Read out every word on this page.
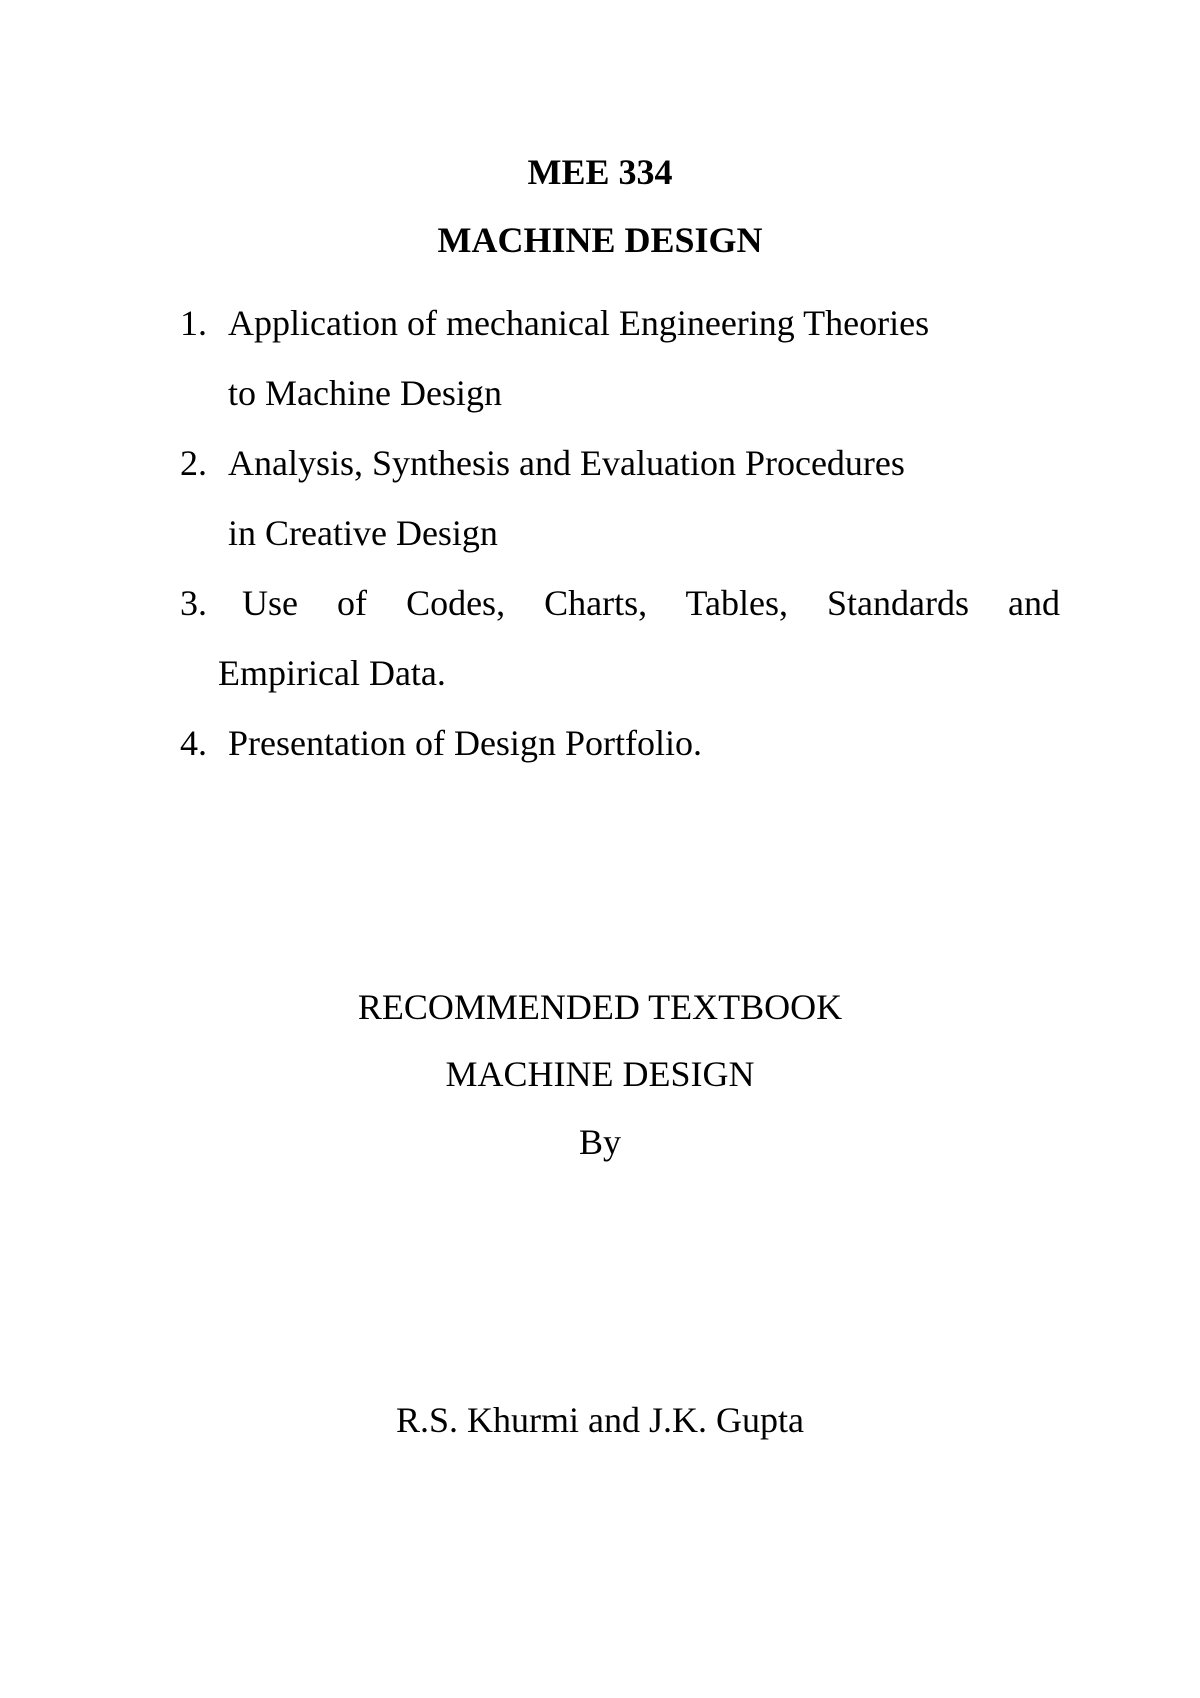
MEE 334
MACHINE DESIGN
1. Application of mechanical Engineering Theories
to Machine Design
2. Analysis, Synthesis and Evaluation Procedures
in Creative Design
3. Use of Codes, Charts, Tables, Standards and
Empirical Data.
4. Presentation of Design Portfolio.
RECOMMENDED TEXTBOOK
MACHINE DESIGN
By
R.S. Khurmi and J.K. Gupta
